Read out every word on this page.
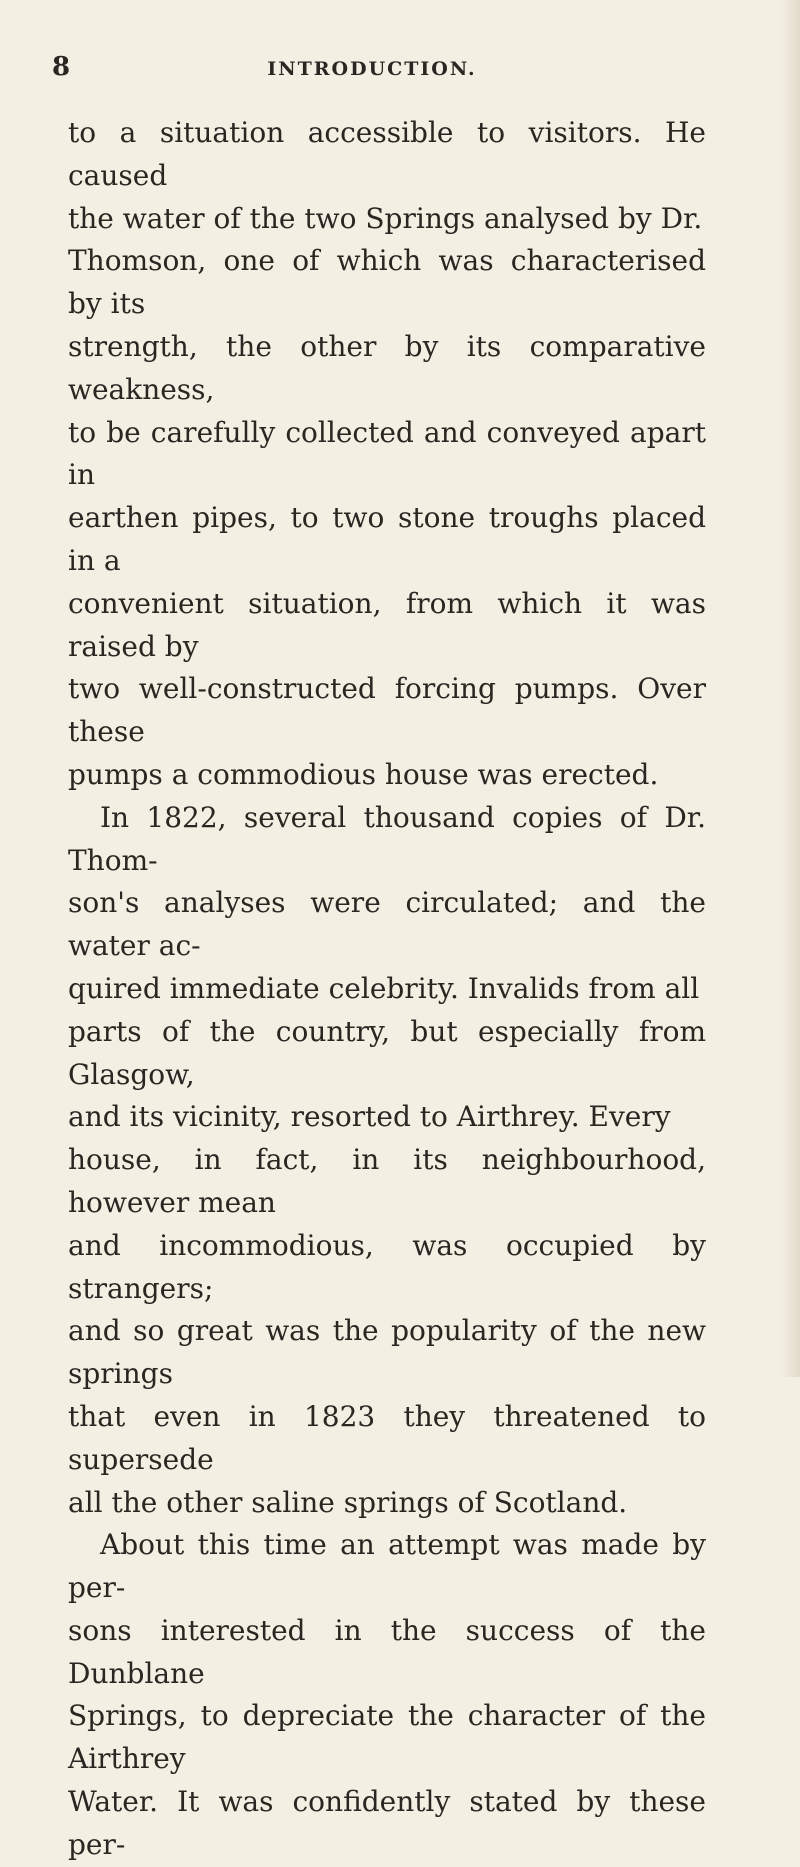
8	INTRODUCTION.

to a situation accessible to visitors. He caused
the water of the two Springs analysed by Dr.
Thomson, one of which was characterised by its
strength, the other by its comparative weakness,
to be carefully collected and conveyed apart in
earthen pipes, to two stone troughs placed in a
convenient situation, from which it was raised by
two well-constructed forcing pumps. Over these
pumps a commodious house was erected.

In 1822, several thousand copies of Dr. Thom-
son's analyses were circulated; and the water ac-
quired immediate celebrity. Invalids from all
parts of the country, but especially from Glasgow,
and its vicinity, resorted to Airthrey. Every
house, in fact, in its neighbourhood, however mean
and incommodious, was occupied by strangers;
and so great was the popularity of the new springs
that even in 1823 they threatened to supersede
all the other saline springs of Scotland.

About this time an attempt was made by per-
sons interested in the success of the Dunblane
Springs, to depreciate the character of the Airthrey
Water. It was confidently stated by these per-
